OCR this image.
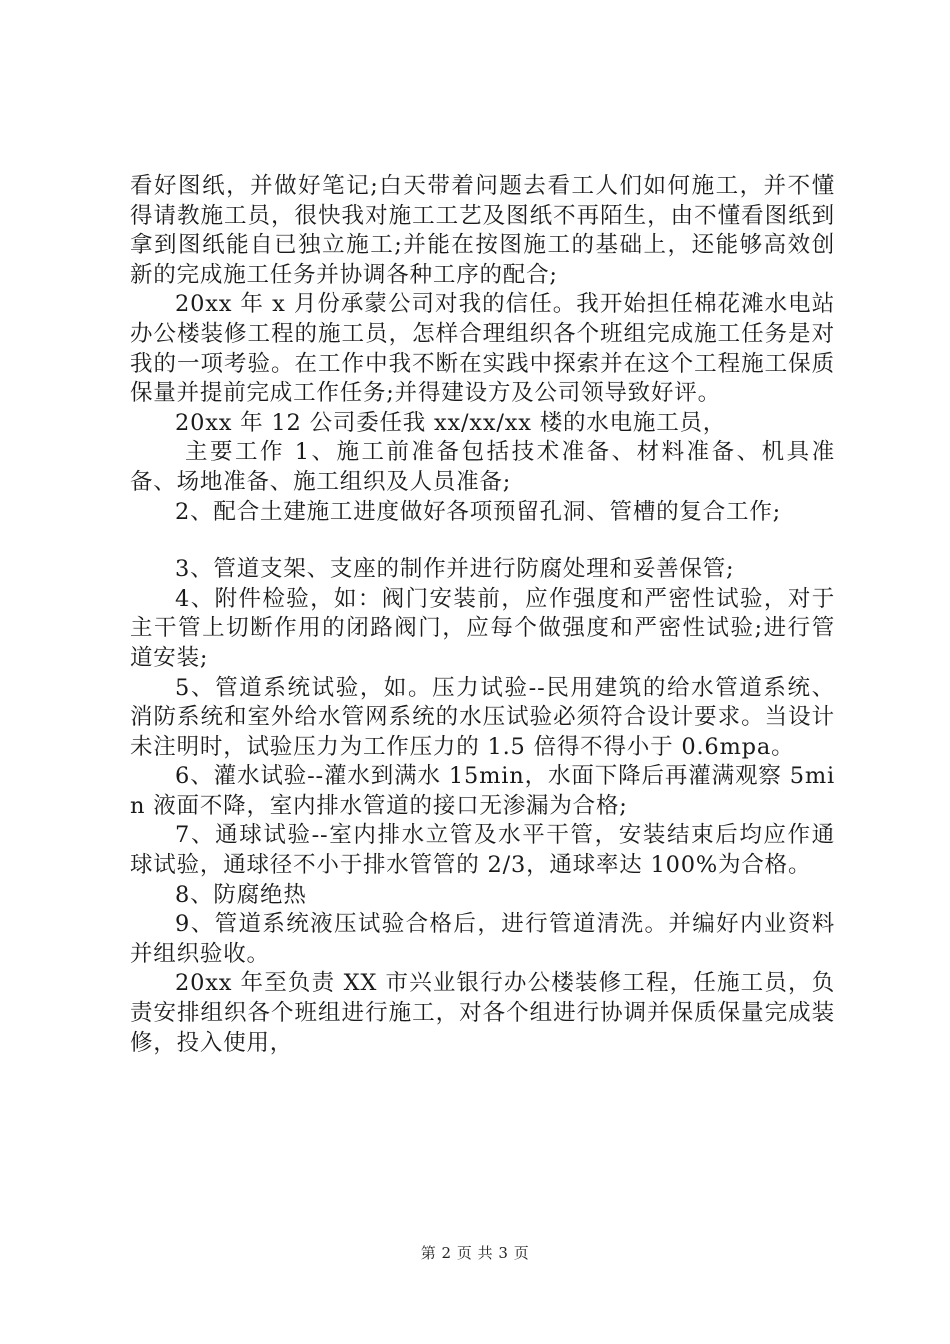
看好图纸，并做好笔记;白天带着问题去看工人们如何施工，并不懂得请教施工员，很快我对施工工艺及图纸不再陌生，由不懂看图纸到拿到图纸能自已独立施工;并能在按图施工的基础上，还能够高效创新的完成施工任务并协调各种工序的配合;

20xx 年 x 月份承蒙公司对我的信任。我开始担任棉花滩水电站办公楼装修工程的施工员，怎样合理组织各个班组完成施工任务是对我的一项考验。在工作中我不断在实践中探索并在这个工程施工保质保量并提前完成工作任务;并得建设方及公司领导致好评。

20xx 年 12 公司委任我 xx/xx/xx 楼的水电施工员，

主要工作 1、施工前准备包括技术准备、材料准备、机具准备、场地准备、施工组织及人员准备;

2、配合土建施工进度做好各项预留孔洞、管槽的复合工作;

3、管道支架、支座的制作并进行防腐处理和妥善保管;

4、附件检验，如：阀门安装前，应作强度和严密性试验，对于主干管上切断作用的闭路阀门，应每个做强度和严密性试验;进行管道安装;

5、管道系统试验，如。压力试验--民用建筑的给水管道系统、消防系统和室外给水管网系统的水压试验必须符合设计要求。当设计未注明时，试验压力为工作压力的 1.5 倍得不得小于 0.6mpa。

6、灌水试验--灌水到满水 15min，水面下降后再灌满观察 5min 液面不降，室内排水管道的接口无渗漏为合格;

7、通球试验--室内排水立管及水平干管，安装结束后均应作通球试验，通球径不小于排水管管的 2/3，通球率达 100%为合格。

8、防腐绝热

9、管道系统液压试验合格后，进行管道清洗。并编好内业资料并组织验收。

20xx 年至负责 XX 市兴业银行办公楼装修工程，任施工员，负责安排组织各个班组进行施工，对各个组进行协调并保质保量完成装修，投入使用，

第 2 页 共 3 页
